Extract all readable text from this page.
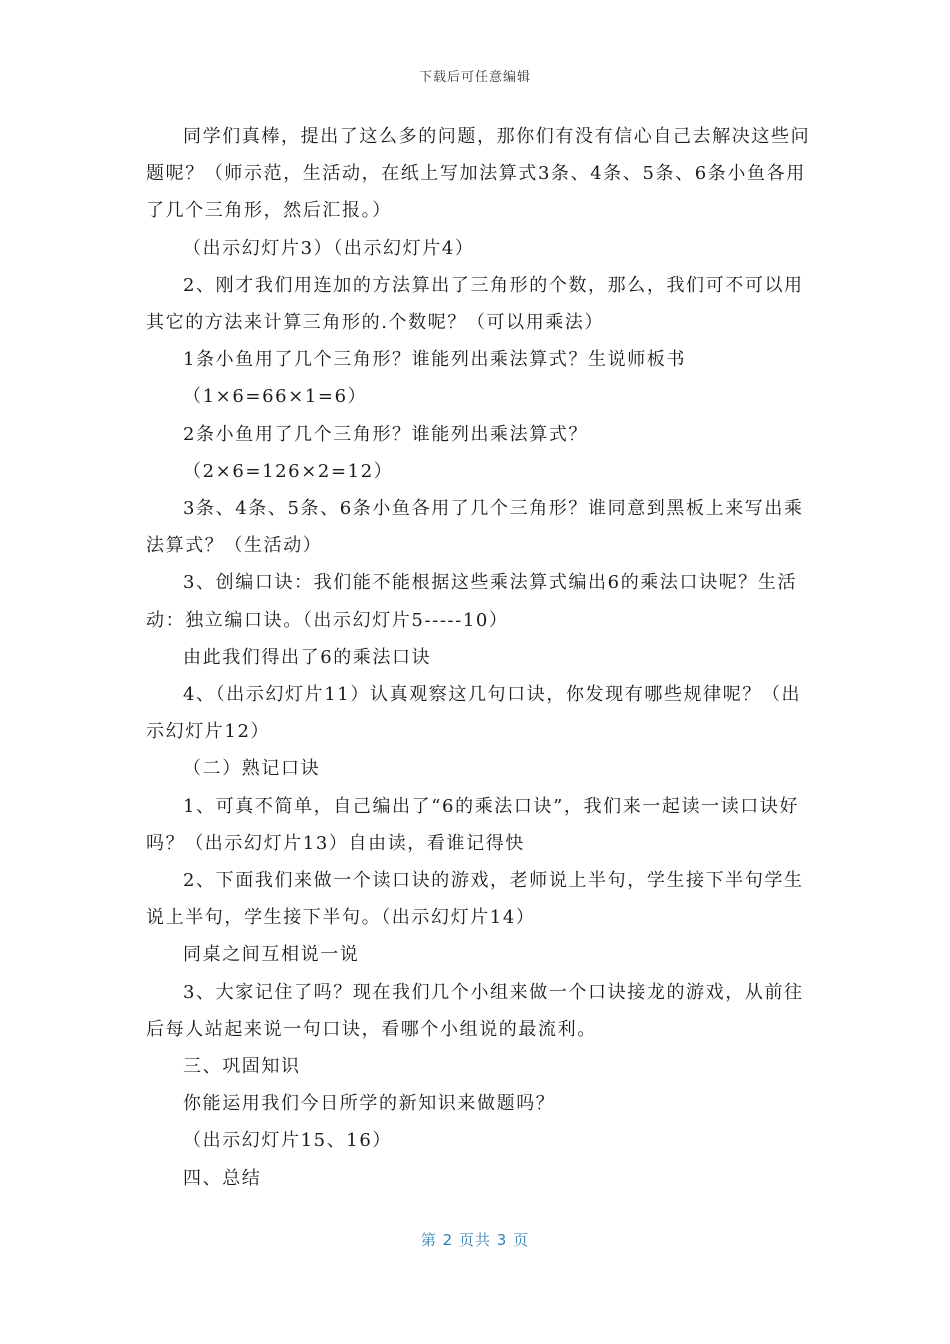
下载后可任意编辑

同学们真棒，提出了这么多的问题，那你们有没有信心自己去解决这些问题呢？（师示范，生活动，在纸上写加法算式3条、4条、5条、6条小鱼各用了几个三角形，然后汇报。）

（出示幻灯片3）（出示幻灯片4）

2、刚才我们用连加的方法算出了三角形的个数，那么，我们可不可以用其它的方法来计算三角形的.个数呢？（可以用乘法）

1条小鱼用了几个三角形？谁能列出乘法算式？生说师板书

（1×6=66×1=6）

2条小鱼用了几个三角形？谁能列出乘法算式？

（2×6=126×2=12）

3条、4条、5条、6条小鱼各用了几个三角形？谁同意到黑板上来写出乘法算式？（生活动）

3、创编口诀：我们能不能根据这些乘法算式编出6的乘法口诀呢？生活动：独立编口诀。（出示幻灯片5-----10）

由此我们得出了6的乘法口诀

4、（出示幻灯片11）认真观察这几句口诀，你发现有哪些规律呢？（出示幻灯片12）

（二）熟记口诀

1、可真不简单，自己编出了“6的乘法口诀”，我们来一起读一读口诀好吗？（出示幻灯片13）自由读，看谁记得快

2、下面我们来做一个读口诀的游戏，老师说上半句，学生接下半句学生说上半句，学生接下半句。（出示幻灯片14）

同桌之间互相说一说

3、大家记住了吗？现在我们几个小组来做一个口诀接龙的游戏，从前往后每人站起来说一句口诀，看哪个小组说的最流利。

三、巩固知识

你能运用我们今日所学的新知识来做题吗？

（出示幻灯片15、16）

四、总结

第 2 页共 3 页
